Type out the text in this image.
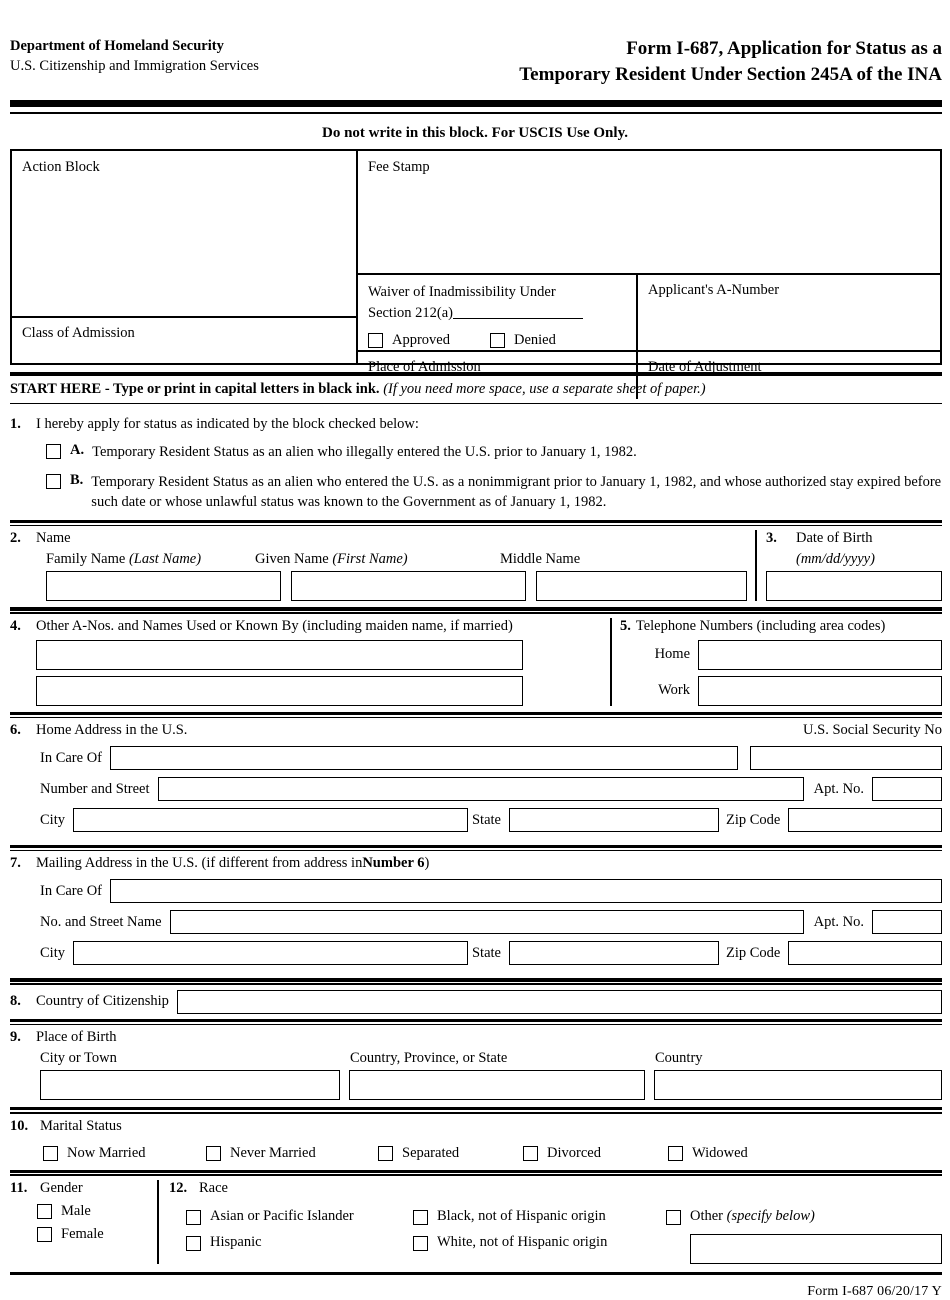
Department of Homeland Security
U.S. Citizenship and Immigration Services
Form I-687, Application for Status as a
Temporary Resident Under Section 245A of the INA
Do not write in this block. For USCIS Use Only.
Action Block
Class of Admission
Fee Stamp
Waiver of Inadmissibility Under
Section 212(a)
Approved	Denied
Applicant's A-Number
Place of Admission	Date of Adjustment
START HERE - Type or print in capital letters in black ink. (If you need more space, use a separate sheet of paper.)
1.	I hereby apply for status as indicated by the block checked below:
A. Temporary Resident Status as an alien who illegally entered the U.S. prior to January 1, 1982.
B. Temporary Resident Status as an alien who entered the U.S. as a nonimmigrant prior to January 1, 1982, and whose authorized stay expired before such date or whose unlawful status was known to the Government as of January 1, 1982.
2. Name
Family Name (Last Name)	Given Name (First Name)	Middle Name
3. Date of Birth
(mm/dd/yyyy)
4.	Other A-Nos. and Names Used or Known By (including maiden name, if married)	5. Telephone Numbers (including area codes)
Home
Work
6.	Home Address in the U.S.	U.S. Social Security No
In Care Of
Number and Street	Apt. No.
City	State	Zip Code
7.	Mailing Address in the U.S. (if different from address in Number 6 )
In Care Of
No. and Street Name	Apt. No.
City	State	Zip Code
8.	Country of Citizenship
9.	Place of Birth
City or Town	Country, Province, or State	Country
10. Marital Status
Now Married	Never Married	Separated	Divorced	Widowed
11. Gender
Male
Female
12. Race
Asian or Pacific Islander
Hispanic
Black, not of Hispanic origin
White, not of Hispanic origin
Other (specify below)
Form I-687 06/20/17 Y
